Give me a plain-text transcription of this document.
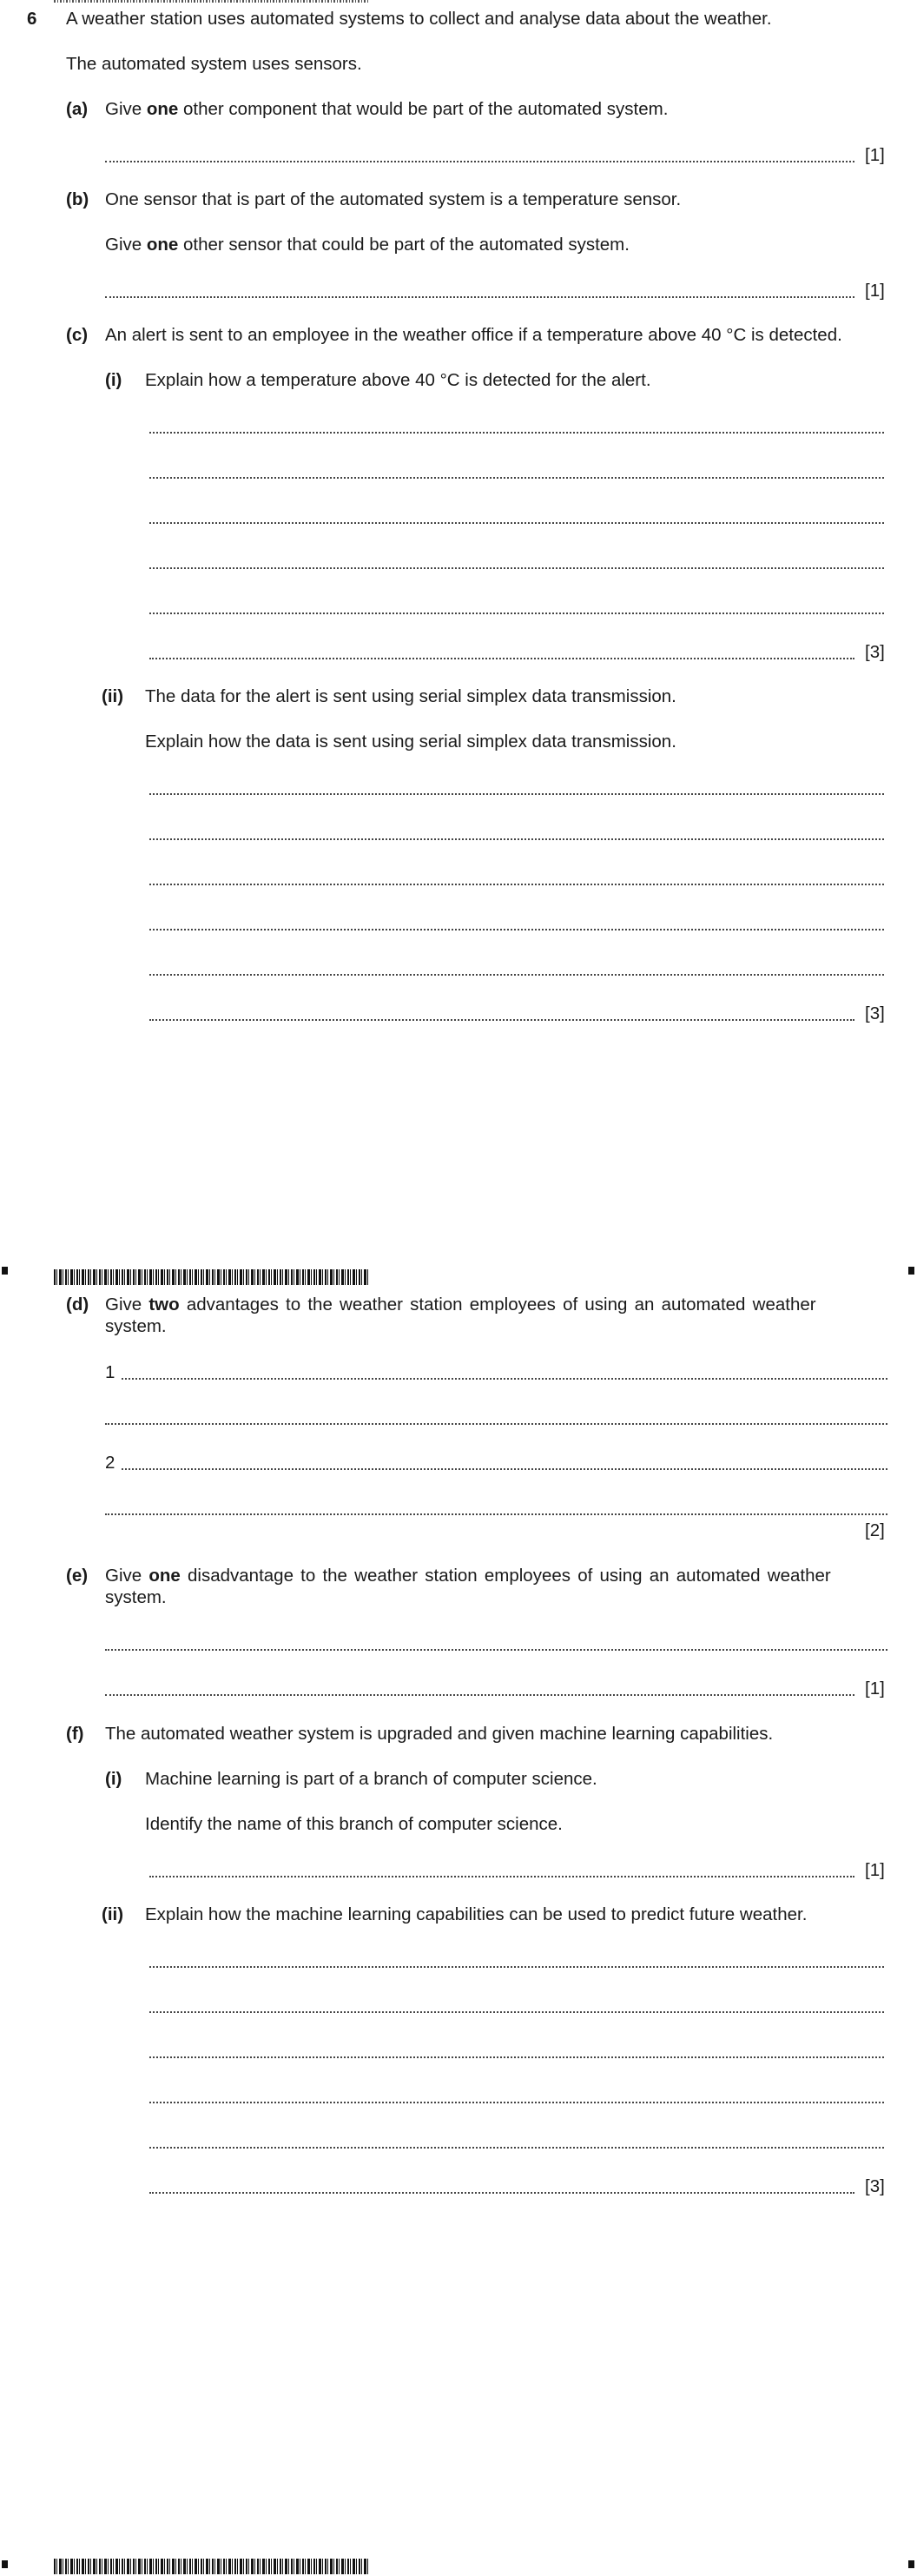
6 A weather station uses automated systems to collect and analyse data about the weather.
The automated system uses sensors.
(a) Give one other component that would be part of the automated system.
[1]
(b) One sensor that is part of the automated system is a temperature sensor.
Give one other sensor that could be part of the automated system.
[1]
(c) An alert is sent to an employee in the weather office if a temperature above 40 °C is detected.
(i) Explain how a temperature above 40 °C is detected for the alert.
[3]
(ii) The data for the alert is sent using serial simplex data transmission.
Explain how the data is sent using serial simplex data transmission.
[3]
(d) Give two advantages to the weather station employees of using an automated weather
system.
1
2
[2]
(e) Give one disadvantage to the weather station employees of using an automated weather
system.
[1]
(f) The automated weather system is upgraded and given machine learning capabilities.
(i) Machine learning is part of a branch of computer science.
Identify the name of this branch of computer science.
[1]
(ii) Explain how the machine learning capabilities can be used to predict future weather.
[3]
